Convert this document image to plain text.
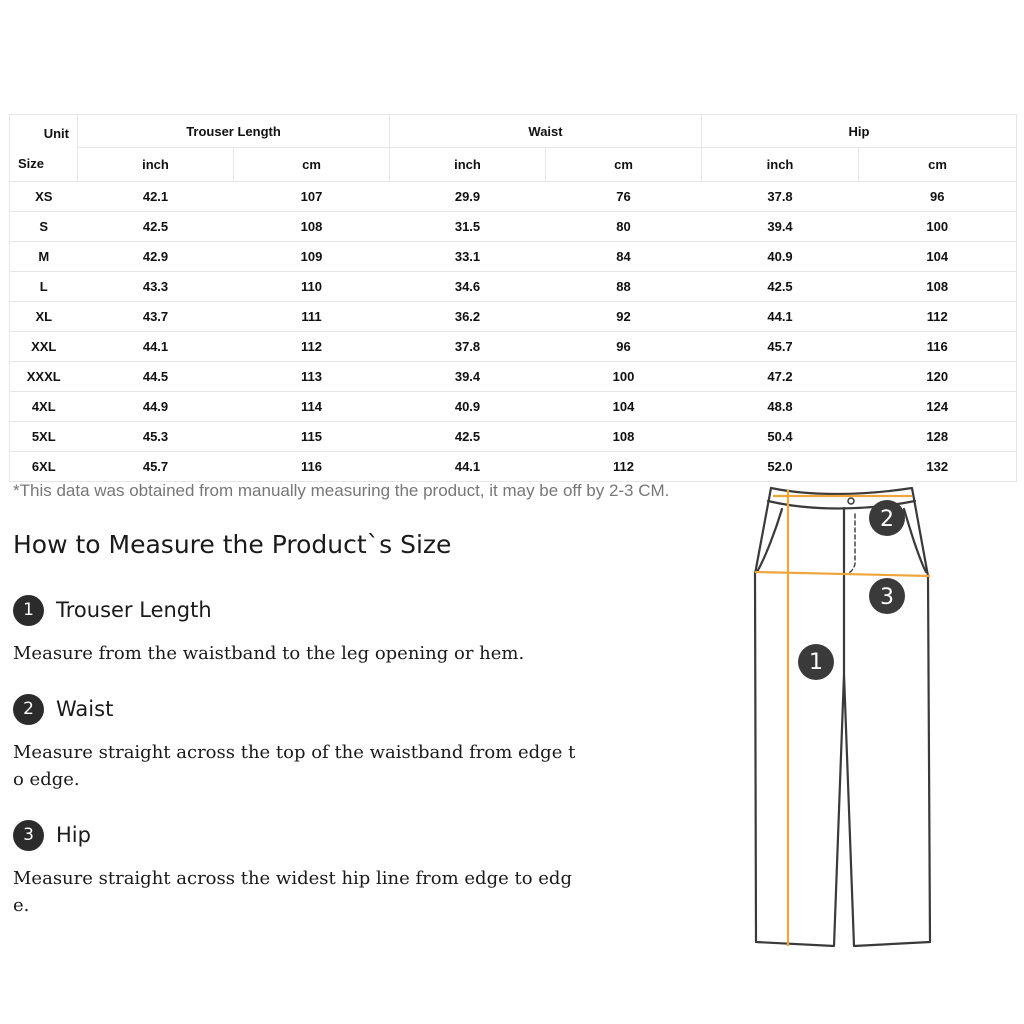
Unit
Size	Trouser Length		Waist		Hip	
	inch	cm	inch	cm	inch	cm
XS	42.1	107	29.9	76	37.8	96
S	42.5	108	31.5	80	39.4	100
M	42.9	109	33.1	84	40.9	104
L	43.3	110	34.6	88	42.5	108
XL	43.7	111	36.2	92	44.1	112
XXL	44.1	112	37.8	96	45.7	116
XXXL	44.5	113	39.4	100	47.2	120
4XL	44.9	114	40.9	104	48.8	124
5XL	45.3	115	42.5	108	50.4	128
6XL	45.7	116	44.1	112	52.0	132

*This data was obtained from manually measuring the product, it may be off by 2-3 CM.

How to Measure the Product`s Size
1	Trouser Length

Measure from the waistband to the leg opening or hem.

2	Waist

Measure straight across the top of the waistband from edge to edge.

3	Hip

Measure straight across the widest hip line from edge to edge.

1
2
3
